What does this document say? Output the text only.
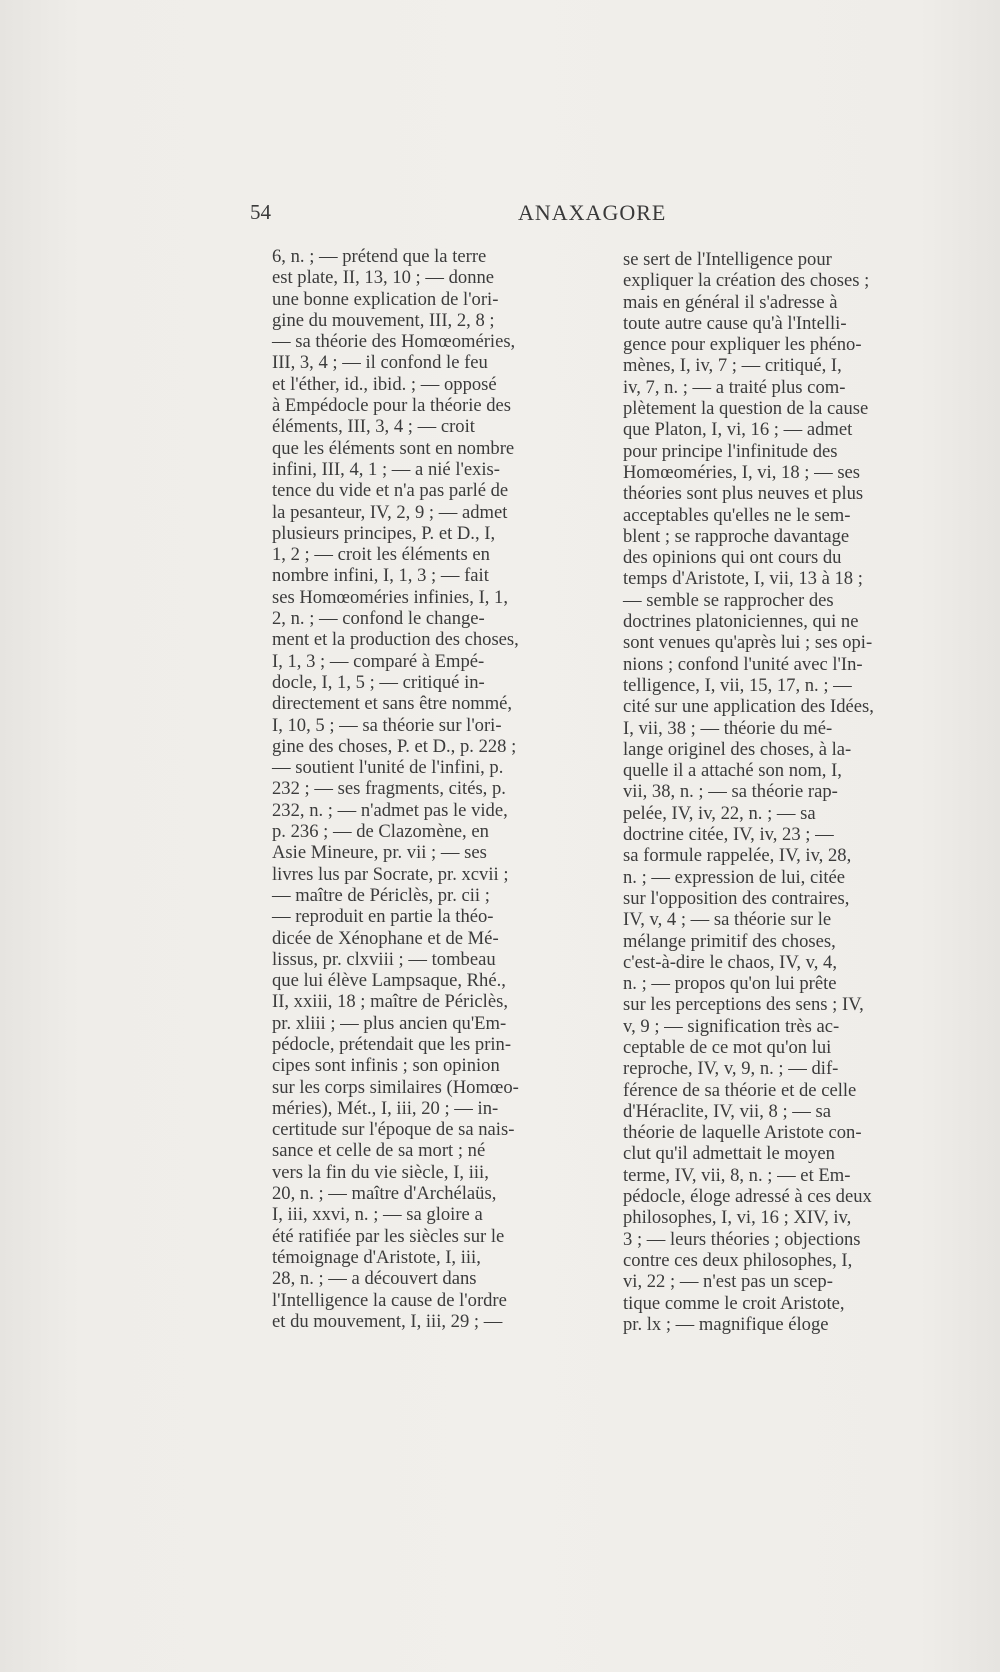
54	ANAXAGORE
6, n. ; — prétend que la terre
est plate, II, 13, 10 ; — donne
une bonne explication de l'ori-
gine du mouvement, III, 2, 8 ;
— sa théorie des Homœoméries,
III, 3, 4 ; — il confond le feu
et l'éther, id., ibid. ; — opposé
à Empédocle pour la théorie des
éléments, III, 3, 4 ; — croit
que les éléments sont en nombre
infini, III, 4, 1 ; — a nié l'exis-
tence du vide et n'a pas parlé de
la pesanteur, IV, 2, 9 ; — admet
plusieurs principes, P. et D., I,
1, 2 ; — croit les éléments en
nombre infini, I, 1, 3 ; — fait
ses Homœoméries infinies, I, 1,
2, n. ; — confond le change-
ment et la production des choses,
I, 1, 3 ; — comparé à Empé-
docle, I, 1, 5 ; — critiqué in-
directement et sans être nommé,
I, 10, 5 ; — sa théorie sur l'ori-
gine des choses, P. et D., p. 228 ;
— soutient l'unité de l'infini, p.
232 ; — ses fragments, cités, p.
232, n. ; — n'admet pas le vide,
p. 236 ; — de Clazomène, en
Asie Mineure, pr. vii ; — ses
livres lus par Socrate, pr. xcvii ;
— maître de Périclès, pr. cii ;
— reproduit en partie la théo-
dicée de Xénophane et de Mé-
lissus, pr. clxviii ; — tombeau
que lui élève Lampsaque, Rhé.,
II, xxiii, 18 ; maître de Périclès,
pr. xliii ; — plus ancien qu'Em-
pédocle, prétendait que les prin-
cipes sont infinis ; son opinion
sur les corps similaires (Homœo-
méries), Mét., I, iii, 20 ; — in-
certitude sur l'époque de sa nais-
sance et celle de sa mort ; né
vers la fin du vie siècle, I, iii,
20, n. ; — maître d'Archélaüs,
I, iii, xxvi, n. ; — sa gloire a
été ratifiée par les siècles sur le
témoignage d'Aristote, I, iii,
28, n. ; — a découvert dans
l'Intelligence la cause de l'ordre
et du mouvement, I, iii, 29 ; —
se sert de l'Intelligence pour
expliquer la création des choses ;
mais en général il s'adresse à
toute autre cause qu'à l'Intelli-
gence pour expliquer les phéno-
mènes, I, iv, 7 ; — critiqué, I,
iv, 7, n. ; — a traité plus com-
plètement la question de la cause
que Platon, I, vi, 16 ; — admet
pour principe l'infinitude des
Homœoméries, I, vi, 18 ; — ses
théories sont plus neuves et plus
acceptables qu'elles ne le sem-
blent ; se rapproche davantage
des opinions qui ont cours du
temps d'Aristote, I, vii, 13 à 18 ;
— semble se rapprocher des
doctrines platoniciennes, qui ne
sont venues qu'après lui ; ses opi-
nions ; confond l'unité avec l'In-
telligence, I, vii, 15, 17, n. ; —
cité sur une application des Idées,
I, vii, 38 ; — théorie du mé-
lange originel des choses, à la-
quelle il a attaché son nom, I,
vii, 38, n. ; — sa théorie rap-
pelée, IV, iv, 22, n. ; — sa
doctrine citée, IV, iv, 23 ; —
sa formule rappelée, IV, iv, 28,
n. ; — expression de lui, citée
sur l'opposition des contraires,
IV, v, 4 ; — sa théorie sur le
mélange primitif des choses,
c'est-à-dire le chaos, IV, v, 4,
n. ; — propos qu'on lui prête
sur les perceptions des sens ; IV,
v, 9 ; — signification très ac-
ceptable de ce mot qu'on lui
reproche, IV, v, 9, n. ; — dif-
férence de sa théorie et de celle
d'Héraclite, IV, vii, 8 ; — sa
théorie de laquelle Aristote con-
clut qu'il admettait le moyen
terme, IV, vii, 8, n. ; — et Em-
pédocle, éloge adressé à ces deux
philosophes, I, vi, 16 ; XIV, iv,
3 ; — leurs théories ; objections
contre ces deux philosophes, I,
vi, 22 ; — n'est pas un scep-
tique comme le croit Aristote,
pr. lx ; — magnifique éloge
